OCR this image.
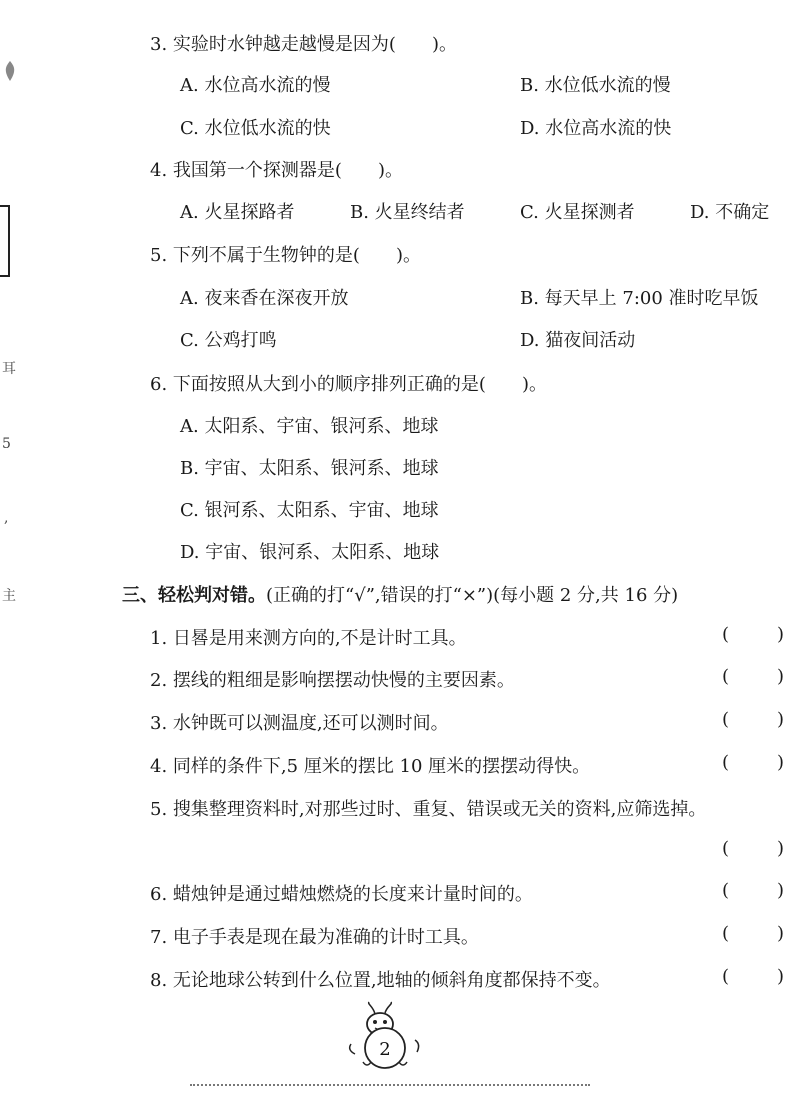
耳
5
,
主
3. 实验时水钟越走越慢是因为(　　)。
A. 水位高水流的慢	B. 水位低水流的慢
C. 水位低水流的快	D. 水位高水流的快
4. 我国第一个探测器是(　　)。
A. 火星探路者	B. 火星终结者	C. 火星探测者	D. 不确定
5. 下列不属于生物钟的是(　　)。
A. 夜来香在深夜开放	B. 每天早上 7:00 准时吃早饭
C. 公鸡打鸣	D. 猫夜间活动
6. 下面按照从大到小的顺序排列正确的是(　　)。
A. 太阳系、宇宙、银河系、地球
B. 宇宙、太阳系、银河系、地球
C. 银河系、太阳系、宇宙、地球
D. 宇宙、银河系、太阳系、地球
三、轻松判对错。(正确的打“√”,错误的打“×”)(每小题 2 分,共 16 分)
1. 日晷是用来测方向的,不是计时工具。	(	)
2. 摆线的粗细是影响摆摆动快慢的主要因素。	(	)
3. 水钟既可以测温度,还可以测时间。	(	)
4. 同样的条件下,5 厘米的摆比 10 厘米的摆摆动得快。	(	)
5. 搜集整理资料时,对那些过时、重复、错误或无关的资料,应筛选掉。
(	)
6. 蜡烛钟是通过蜡烛燃烧的长度来计量时间的。	(	)
7. 电子手表是现在最为准确的计时工具。	(	)
8. 无论地球公转到什么位置,地轴的倾斜角度都保持不变。	(	)
2
